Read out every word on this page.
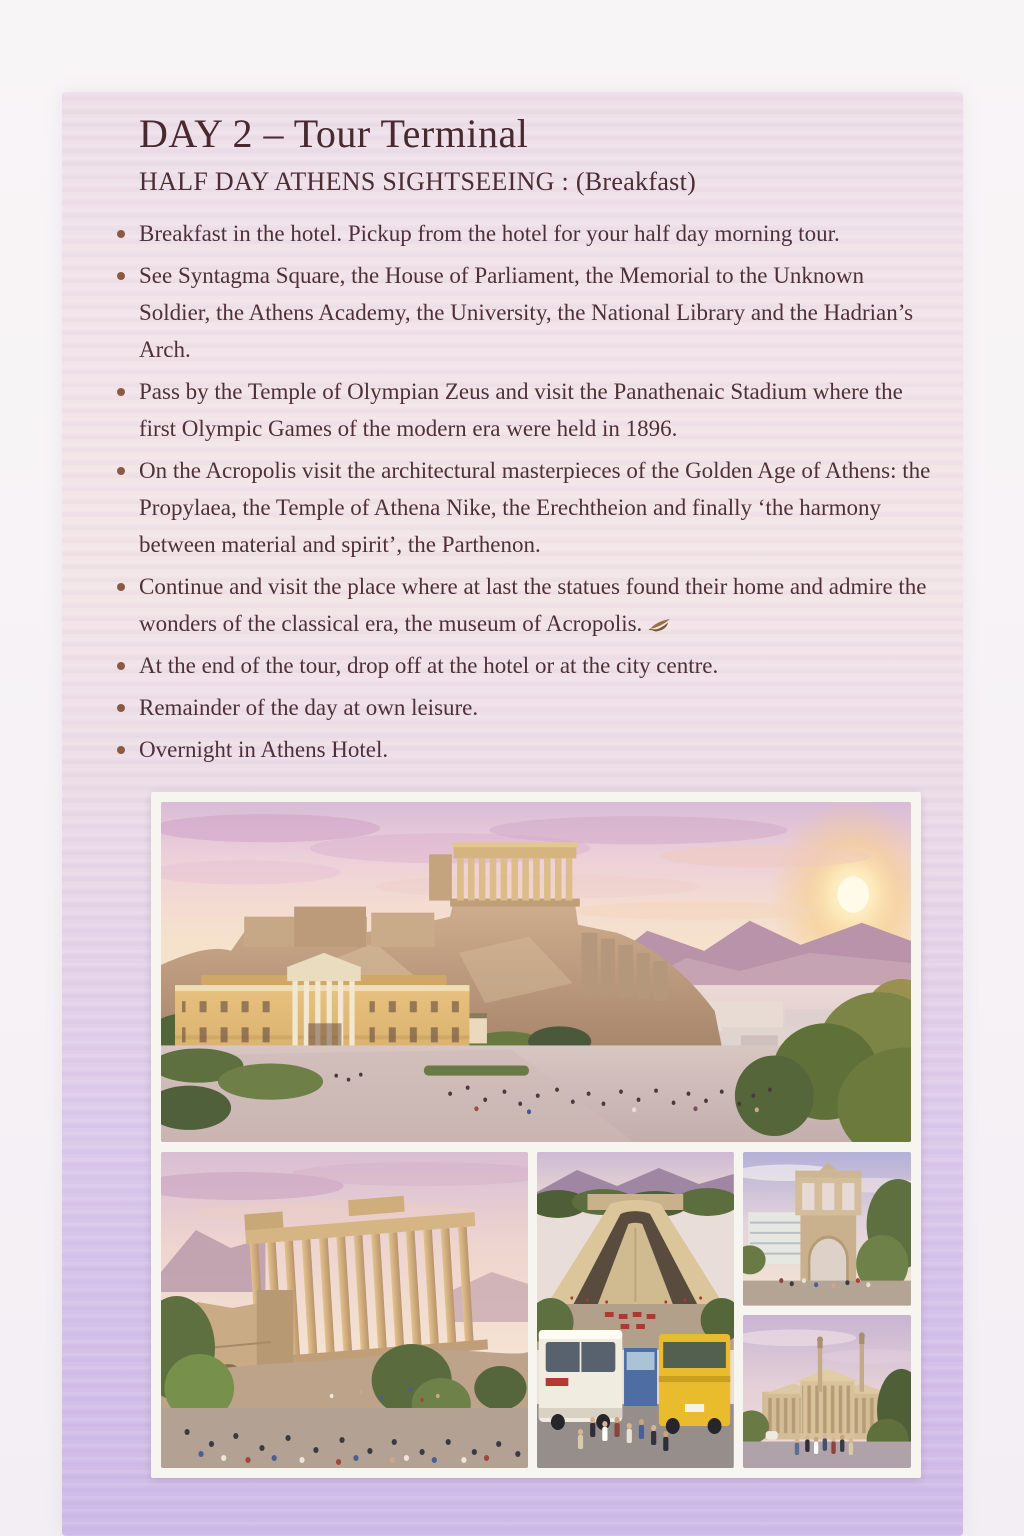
DAY 2 – Tour Terminal
HALF DAY ATHENS SIGHTSEEING : (Breakfast)
Breakfast in the hotel. Pickup from the hotel for your half day morning tour.
See Syntagma Square, the House of Parliament, the Memorial to the Unknown Soldier, the Athens Academy, the University, the National Library and the Hadrian’s Arch.
Pass by the Temple of Olympian Zeus and visit the Panathenaic Stadium where the first Olympic Games of the modern era were held in 1896.
On the Acropolis visit the architectural masterpieces of the Golden Age of Athens: the Propylaea, the Temple of Athena Nike, the Erechtheion and finally ‘the harmony between material and spirit’, the Parthenon.
Continue and visit the place where at last the statues found their home and admire the wonders of the classical era, the museum of Acropolis.
At the end of the tour, drop off at the hotel or at the city centre.
Remainder of the day at own leisure.
Overnight in Athens Hotel.
